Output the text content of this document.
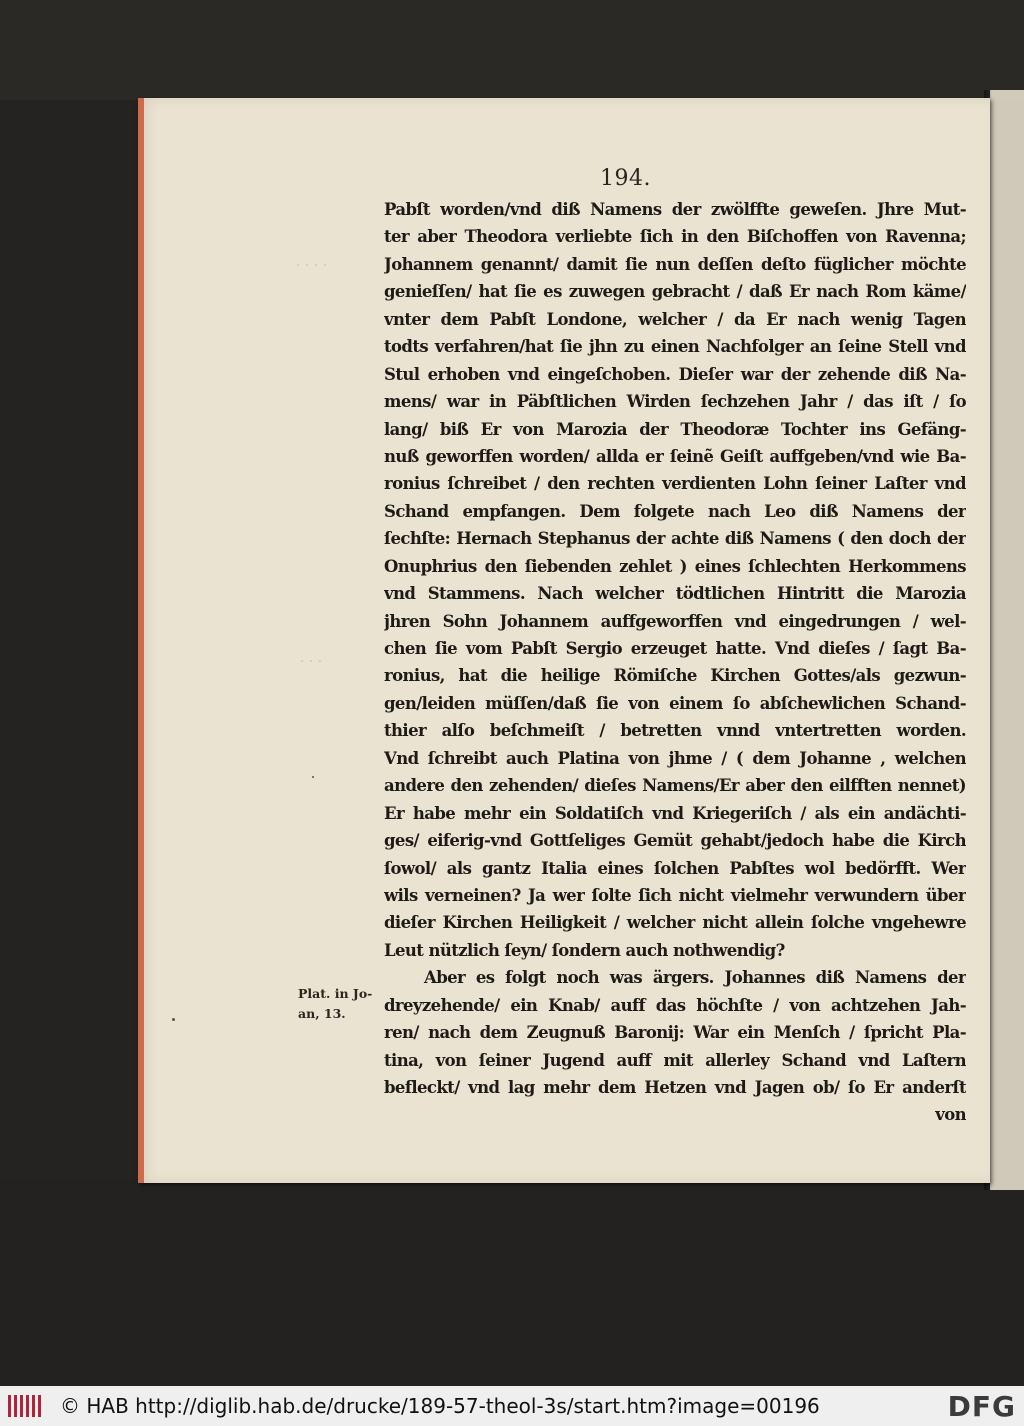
· · · ·
· · ·
194.
Pabſt worden/vnd diß Namens der zwölffte geweſen. Jhre Mut-
ter aber Theodora verliebte ſich in den Biſchoffen von Ravenna;
Johannem genannt/ damit ſie nun deſſen deſto füglicher möchte
genieſſen/ hat ſie es zuwegen gebracht / daß Er nach Rom käme/
vnter dem Pabſt Londone, welcher / da Er nach wenig Tagen
todts verfahren/hat ſie jhn zu einen Nachfolger an ſeine Stell vnd
Stul erhoben vnd eingeſchoben. Dieſer war der zehende diß Na-
mens/ war in Päbſtlichen Wirden ſechzehen Jahr / das iſt / ſo
lang/ biß Er von Marozia der Theodoræ Tochter ins Gefäng-
nuß geworffen worden/ allda er ſeinẽ Geiſt auffgeben/vnd wie Ba-
ronius ſchreibet / den rechten verdienten Lohn ſeiner Laſter vnd
Schand empfangen. Dem folgete nach Leo diß Namens der
ſechſte: Hernach Stephanus der achte diß Namens ( den doch der
Onuphrius den ſiebenden zehlet ) eines ſchlechten Herkommens
vnd Stammens. Nach welcher tödtlichen Hintritt die Marozia
jhren Sohn Johannem auffgeworffen vnd eingedrungen / wel-
chen ſie vom Pabſt Sergio erzeuget hatte. Vnd dieſes / ſagt Ba-
ronius, hat die heilige Römiſche Kirchen Gottes/als gezwun-
gen/leiden müſſen/daß ſie von einem ſo abſchewlichen Schand-
thier alſo beſchmeiſt / betretten vnnd vntertretten worden.
Vnd ſchreibt auch Platina von jhme / ( dem Johanne , welchen
andere den zehenden/ dieſes Namens/Er aber den eilfften nennet)
Er habe mehr ein Soldatiſch vnd Kriegeriſch / als ein andächti-
ges/ eiferig-vnd Gottſeliges Gemüt gehabt/jedoch habe die Kirch
ſowol/ als gantz Italia eines ſolchen Pabſtes wol bedörfft. Wer
wils verneinen? Ja wer ſolte ſich nicht vielmehr verwundern über
dieſer Kirchen Heiligkeit / welcher nicht allein ſolche vngehewre
Leut nützlich ſeyn/ ſondern auch nothwendig?
Aber es folgt noch was ärgers. Johannes diß Namens der
dreyzehende/ ein Knab/ auff das höchſte / von achtzehen Jah-
ren/ nach dem Zeugnuß Baronij: War ein Menſch / ſpricht Pla-
tina, von ſeiner Jugend auff mit allerley Schand vnd Laſtern
befleckt/ vnd lag mehr dem Hetzen vnd Jagen ob/ ſo Er anderſt
von
Plat. in Jo-
an, 13.
© HAB http://diglib.hab.de/drucke/189-57-theol-3s/start.htm?image=00196	DFG
